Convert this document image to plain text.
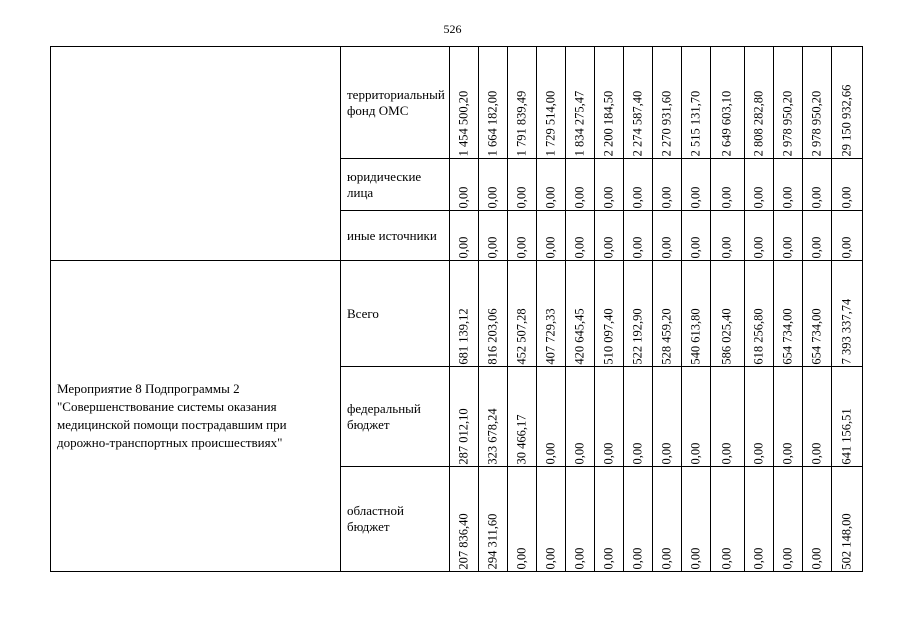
526
	территориальный фонд ОМС	1 454 500,20	1 664 182,00	1 791 839,49	1 729 514,00	1 834 275,47	2 200 184,50	2 274 587,40	2 270 931,60	2 515 131,70	2 649 603,10	2 808 282,80	2 978 950,20	2 978 950,20	29 150 932,66

	юридические лица	0,00	0,00	0,00	0,00	0,00	0,00	0,00	0,00	0,00	0,00	0,00	0,00	0,00	0,00

	иные источники	0,00	0,00	0,00	0,00	0,00	0,00	0,00	0,00	0,00	0,00	0,00	0,00	0,00	0,00

Мероприятие 8 Подпрограммы 2 "Совершенствование системы оказания медицинской помощи пострадавшим при дорожно-транспортных происшествиях"	Всего	681 139,12	816 203,06	452 507,28	407 729,33	420 645,45	510 097,40	522 192,90	528 459,20	540 613,80	586 025,40	618 256,80	654 734,00	654 734,00	7 393 337,74

	федеральный бюджет	287 012,10	323 678,24	30 466,17	0,00	0,00	0,00	0,00	0,00	0,00	0,00	0,00	0,00	0,00	641 156,51

	областной бюджет	207 836,40	294 311,60	0,00	0,00	0,00	0,00	0,00	0,00	0,00	0,00	0,00	0,00	0,00	502 148,00
